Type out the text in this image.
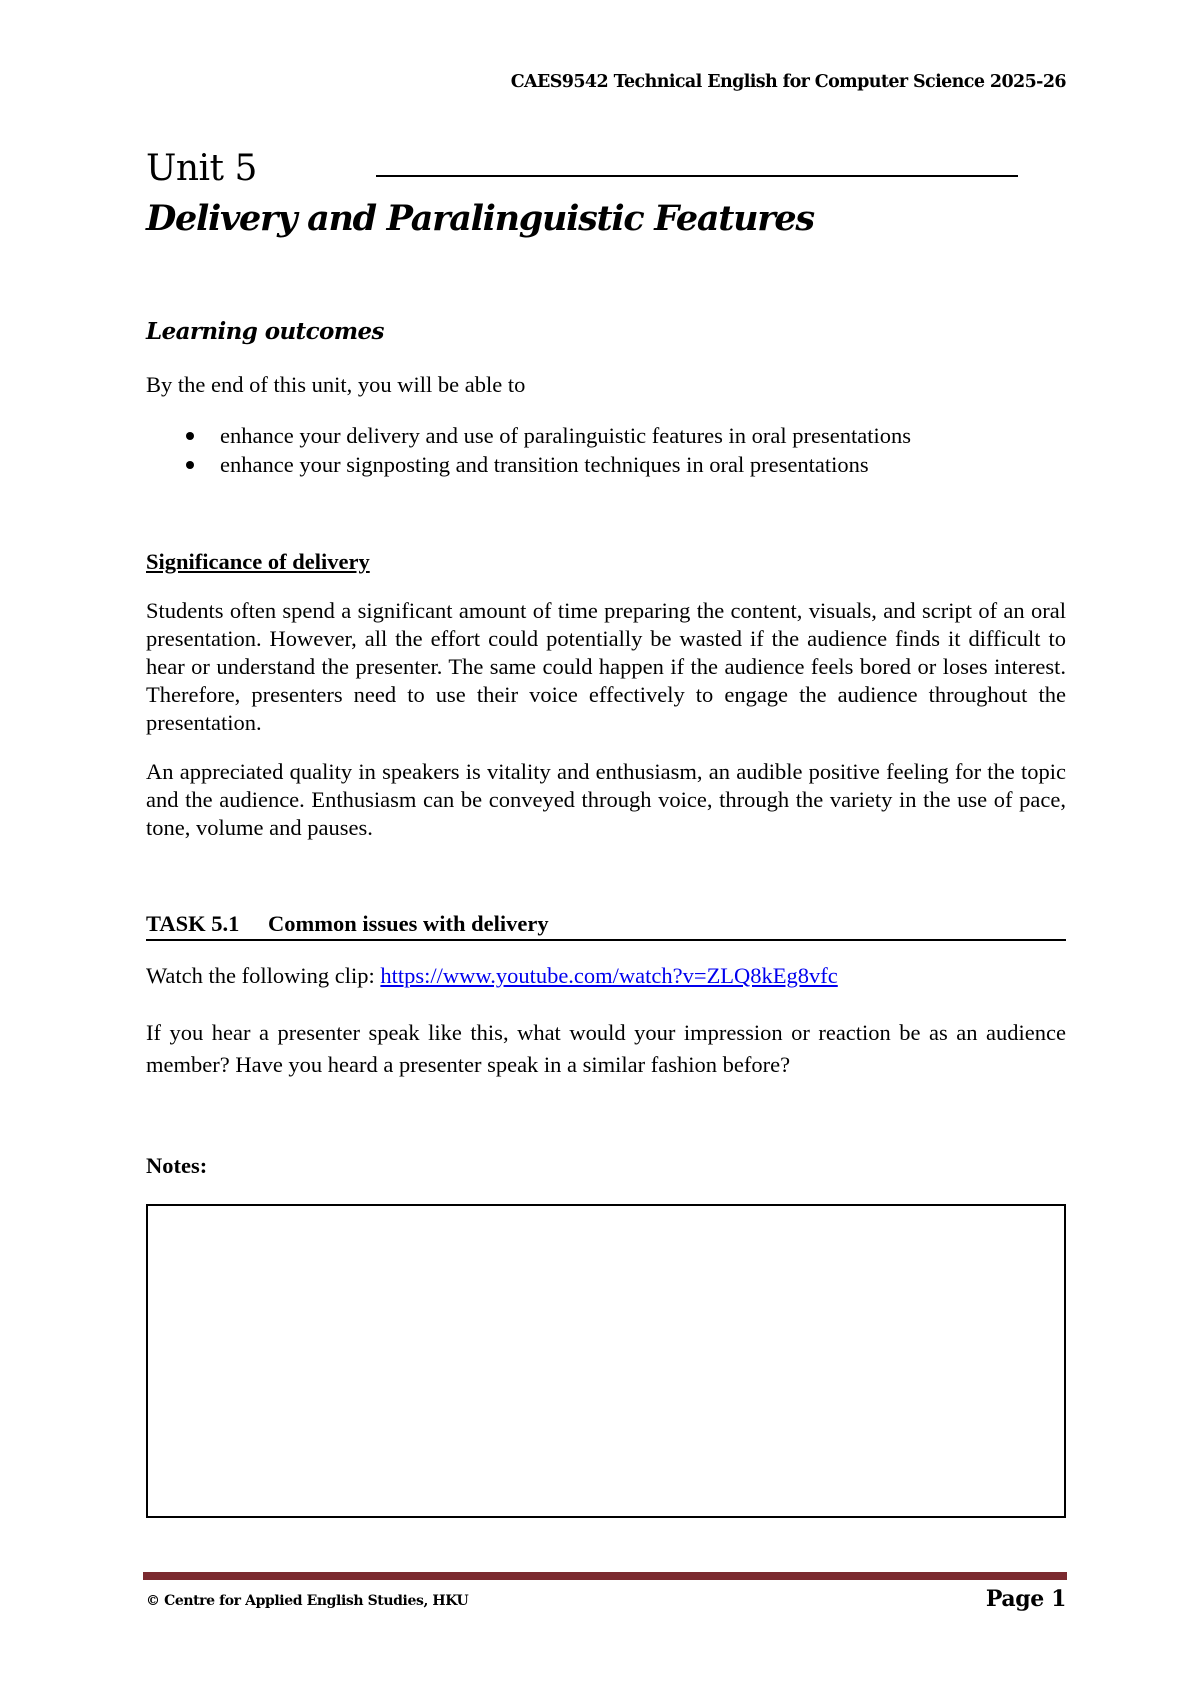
CAES9542 Technical English for Computer Science 2025-26
Unit 5
Delivery and Paralinguistic Features
Learning outcomes
By the end of this unit, you will be able to
enhance your delivery and use of paralinguistic features in oral presentations
enhance your signposting and transition techniques in oral presentations
Significance of delivery

Students often spend a significant amount of time preparing the content, visuals, and script of an oral presentation. However, all the effort could potentially be wasted if the audience finds it difficult to hear or understand the presenter. The same could happen if the audience feels bored or loses interest. Therefore, presenters need to use their voice effectively to engage the audience throughout the presentation.

An appreciated quality in speakers is vitality and enthusiasm, an audible positive feeling for the topic and the audience. Enthusiasm can be conveyed through voice, through the variety in the use of pace, tone, volume and pauses.

TASK 5.1 Common issues with delivery
Watch the following clip: https://www.youtube.com/watch?v=ZLQ8kEg8vfc

If you hear a presenter speak like this, what would your impression or reaction be as an audience member? Have you heard a presenter speak in a similar fashion before?

Notes:
© Centre for Applied English Studies, HKU	Page 1
